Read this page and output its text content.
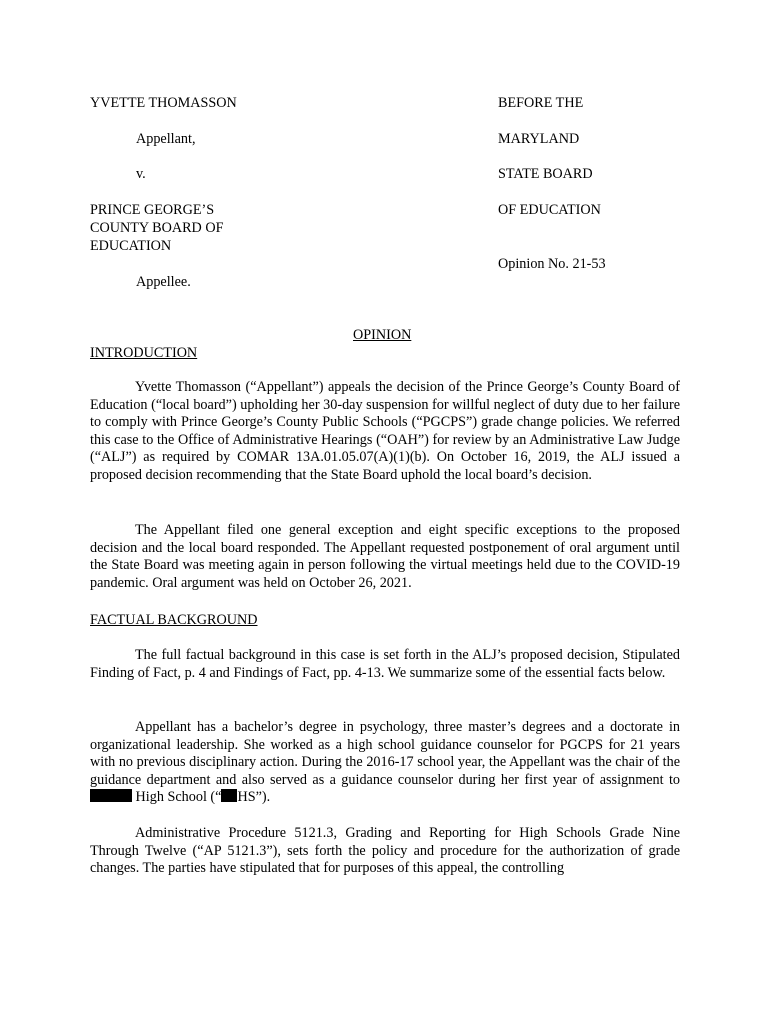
YVETTE THOMASSON
Appellant,
v.
PRINCE GEORGE’S
COUNTY BOARD OF
EDUCATION
Appellee.
BEFORE THE
MARYLAND
STATE BOARD
OF EDUCATION
Opinion No. 21-53
OPINION
INTRODUCTION
Yvette Thomasson (“Appellant”) appeals the decision of the Prince George’s County Board of Education (“local board”) upholding her 30-day suspension for willful neglect of duty due to her failure to comply with Prince George’s County Public Schools (“PGCPS”) grade change policies. We referred this case to the Office of Administrative Hearings (“OAH”) for review by an Administrative Law Judge (“ALJ”) as required by COMAR 13A.01.05.07(A)(1)(b). On October 16, 2019, the ALJ issued a proposed decision recommending that the State Board uphold the local board’s decision.
The Appellant filed one general exception and eight specific exceptions to the proposed decision and the local board responded. The Appellant requested postponement of oral argument until the State Board was meeting again in person following the virtual meetings held due to the COVID-19 pandemic. Oral argument was held on October 26, 2021.
FACTUAL BACKGROUND
The full factual background in this case is set forth in the ALJ’s proposed decision, Stipulated Finding of Fact, p. 4 and Findings of Fact, pp. 4-13. We summarize some of the essential facts below.
Appellant has a bachelor’s degree in psychology, three master’s degrees and a doctorate in organizational leadership. She worked as a high school guidance counselor for PGCPS for 21 years with no previous disciplinary action. During the 2016-17 school year, the Appellant was the chair of the guidance department and also served as a guidance counselor during her first year of assignment to  High School (“ HS”).
Administrative Procedure 5121.3, Grading and Reporting for High Schools Grade Nine Through Twelve (“AP 5121.3”), sets forth the policy and procedure for the authorization of grade changes. The parties have stipulated that for purposes of this appeal, the controlling
